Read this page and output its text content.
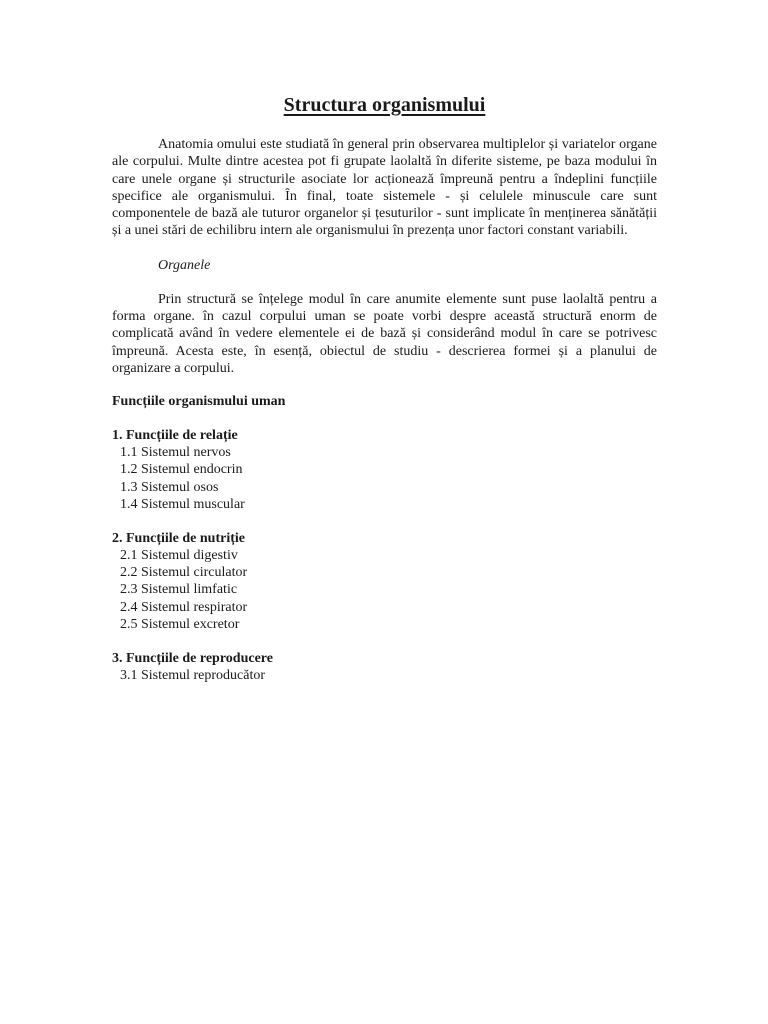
Structura organismului

Anatomia omului este studiată în general prin observarea multiplelor și variatelor organe ale corpului. Multe dintre acestea pot fi grupate laolaltă în diferite sisteme, pe baza modului în care unele organe și structurile asociate lor acționează împreună pentru a îndeplini funcțiile specifice ale organismului. În final, toate sistemele - și celulele minuscule care sunt componentele de bază ale tuturor organelor și țesuturilor - sunt implicate în menținerea sănătății și a unei stări de echilibru intern ale organismului în prezența unor factori constant variabili.

Organele

Prin structură se înțelege modul în care anumite elemente sunt puse laolaltă pentru a forma organe. în cazul corpului uman se poate vorbi despre această structură enorm de complicată având în vedere elementele ei de bază și considerând modul în care se potrivesc împreună. Acesta este, în esență, obiectul de studiu - descrierea formei și a planului de organizare a corpului.

Funcțiile organismului uman
1. Funcțiile de relație
1.1 Sistemul nervos
1.2 Sistemul endocrin
1.3 Sistemul osos
1.4 Sistemul muscular
2. Funcțiile de nutriție
2.1 Sistemul digestiv
2.2 Sistemul circulator
2.3 Sistemul limfatic
2.4 Sistemul respirator
2.5 Sistemul excretor
3. Funcțiile de reproducere
3.1 Sistemul reproducător
